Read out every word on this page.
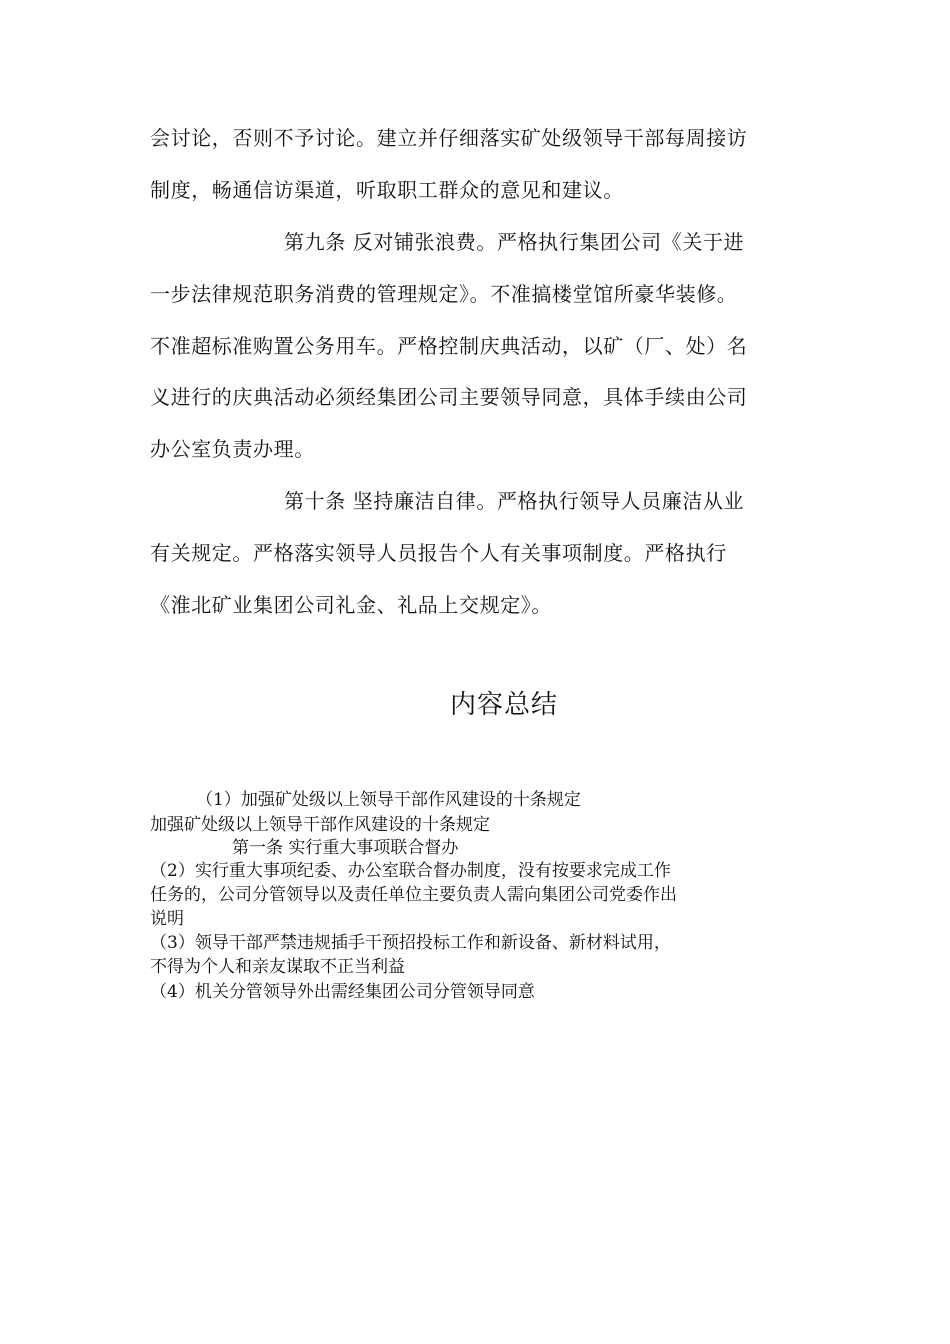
会讨论，否则不予讨论。建立并仔细落实矿处级领导干部每周接访
制度，畅通信访渠道，听取职工群众的意见和建议。
第九条 反对铺张浪费。严格执行集团公司《关于进
一步法律规范职务消费的管理规定》。不准搞楼堂馆所豪华装修。
不准超标准购置公务用车。严格控制庆典活动，以矿（厂、处）名
义进行的庆典活动必须经集团公司主要领导同意，具体手续由公司
办公室负责办理。
第十条 坚持廉洁自律。严格执行领导人员廉洁从业
有关规定。严格落实领导人员报告个人有关事项制度。严格执行
《淮北矿业集团公司礼金、礼品上交规定》。
内容总结
（1）加强矿处级以上领导干部作风建设的十条规定
加强矿处级以上领导干部作风建设的十条规定
第一条 实行重大事项联合督办
（2）实行重大事项纪委、办公室联合督办制度，没有按要求完成工作
任务的，公司分管领导以及责任单位主要负责人需向集团公司党委作出
说明
（3）领导干部严禁违规插手干预招投标工作和新设备、新材料试用，
不得为个人和亲友谋取不正当利益
（4）机关分管领导外出需经集团公司分管领导同意
